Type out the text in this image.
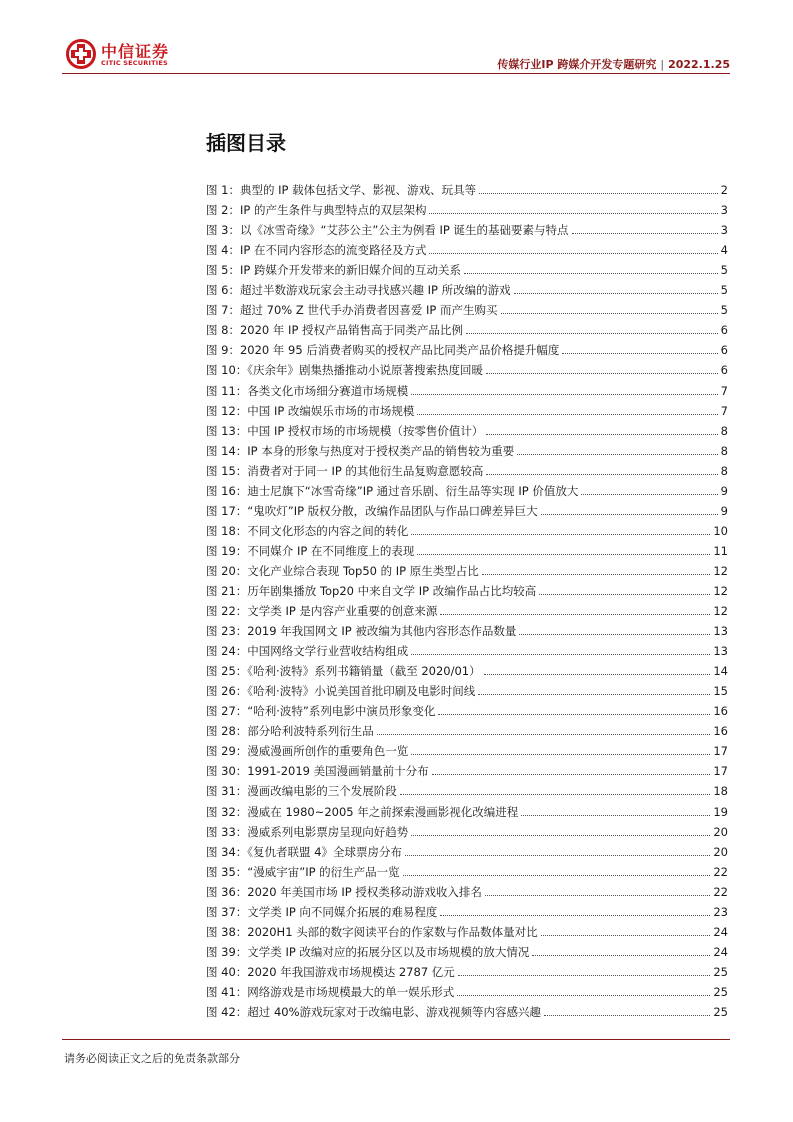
中信证券
CITIC SECURITIES	传媒行业IP 跨媒介开发专题研究 | 2022.1.25
插图目录
图 1：典型的 IP 载体包括文学、影视、游戏、玩具等	2
图 2：IP 的产生条件与典型特点的双层架构	3
图 3：以《冰雪奇缘》“艾莎公主”公主为例看 IP 诞生的基础要素与特点	3
图 4：IP 在不同内容形态的流变路径及方式	4
图 5：IP 跨媒介开发带来的新旧媒介间的互动关系	5
图 6：超过半数游戏玩家会主动寻找感兴趣 IP 所改编的游戏	5
图 7：超过 70% Z 世代手办消费者因喜爱 IP 而产生购买	5
图 8：2020 年 IP 授权产品销售高于同类产品比例	6
图 9：2020 年 95 后消费者购买的授权产品比同类产品价格提升幅度	6
图 10：《庆余年》剧集热播推动小说原著搜索热度回暖	6
图 11：各类文化市场细分赛道市场规模	7
图 12：中国 IP 改编娱乐市场的市场规模	7
图 13：中国 IP 授权市场的市场规模（按零售价值计）	8
图 14：IP 本身的形象与热度对于授权类产品的销售较为重要	8
图 15：消费者对于同一 IP 的其他衍生品复购意愿较高	8
图 16：迪士尼旗下“冰雪奇缘”IP 通过音乐剧、衍生品等实现 IP 价值放大	9
图 17：“鬼吹灯”IP 版权分散，改编作品团队与作品口碑差异巨大	9
图 18：不同文化形态的内容之间的转化	10
图 19：不同媒介 IP 在不同维度上的表现	11
图 20：文化产业综合表现 Top50 的 IP 原生类型占比	12
图 21：历年剧集播放 Top20 中来自文学 IP 改编作品占比均较高	12
图 22：文学类 IP 是内容产业重要的创意来源	12
图 23：2019 年我国网文 IP 被改编为其他内容形态作品数量	13
图 24：中国网络文学行业营收结构组成	13
图 25：《哈利·波特》系列书籍销量（截至 2020/01）	14
图 26：《哈利·波特》小说美国首批印刷及电影时间线	15
图 27：“哈利·波特”系列电影中演员形象变化	16
图 28：部分哈利波特系列衍生品	16
图 29：漫威漫画所创作的重要角色一览	17
图 30：1991-2019 美国漫画销量前十分布	17
图 31：漫画改编电影的三个发展阶段	18
图 32：漫威在 1980~2005 年之前探索漫画影视化改编进程	19
图 33：漫威系列电影票房呈现向好趋势	20
图 34：《复仇者联盟 4》全球票房分布	20
图 35：“漫威宇宙”IP 的衍生产品一览	22
图 36：2020 年美国市场 IP 授权类移动游戏收入排名	22
图 37：文学类 IP 向不同媒介拓展的难易程度	23
图 38：2020H1 头部的数字阅读平台的作家数与作品数体量对比	24
图 39：文学类 IP 改编对应的拓展分区以及市场规模的放大情况	24
图 40：2020 年我国游戏市场规模达 2787 亿元	25
图 41：网络游戏是市场规模最大的单一娱乐形式	25
图 42：超过 40%游戏玩家对于改编电影、游戏视频等内容感兴趣	25
请务必阅读正文之后的免责条款部分
